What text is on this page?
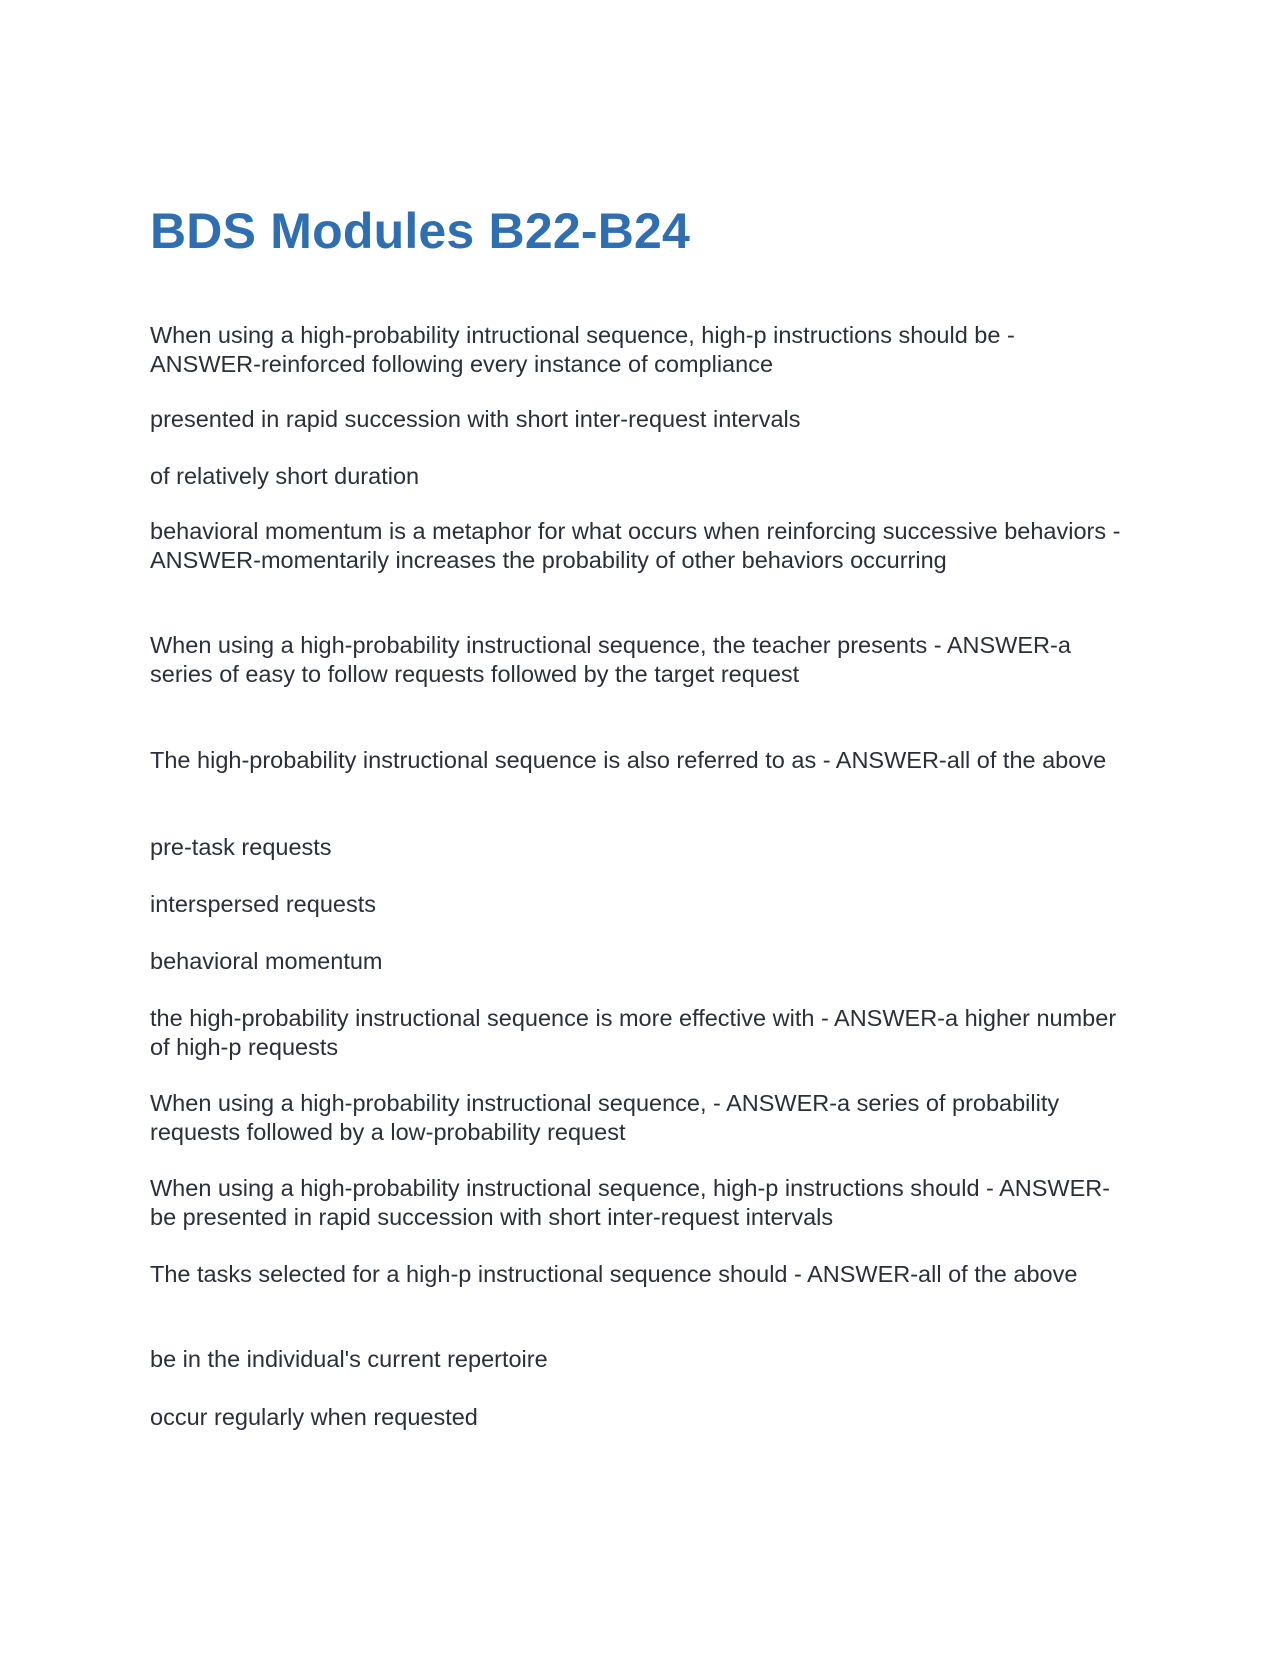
BDS Modules B22-B24

When using a high-probability intructional sequence, high-p instructions should be - ANSWER-reinforced following every instance of compliance

presented in rapid succession with short inter-request intervals

of relatively short duration

behavioral momentum is a metaphor for what occurs when reinforcing successive behaviors - ANSWER-momentarily increases the probability of other behaviors occurring

When using a high-probability instructional sequence, the teacher presents - ANSWER-a series of easy to follow requests followed by the target request

The high-probability instructional sequence is also referred to as - ANSWER-all of the above

pre-task requests

interspersed requests

behavioral momentum

the high-probability instructional sequence is more effective with - ANSWER-a higher number of high-p requests

When using a high-probability instructional sequence, - ANSWER-a series of probability requests followed by a low-probability request

When using a high-probability instructional sequence, high-p instructions should - ANSWER-be presented in rapid succession with short inter-request intervals

The tasks selected for a high-p instructional sequence should - ANSWER-all of the above

be in the individual's current repertoire

occur regularly when requested
